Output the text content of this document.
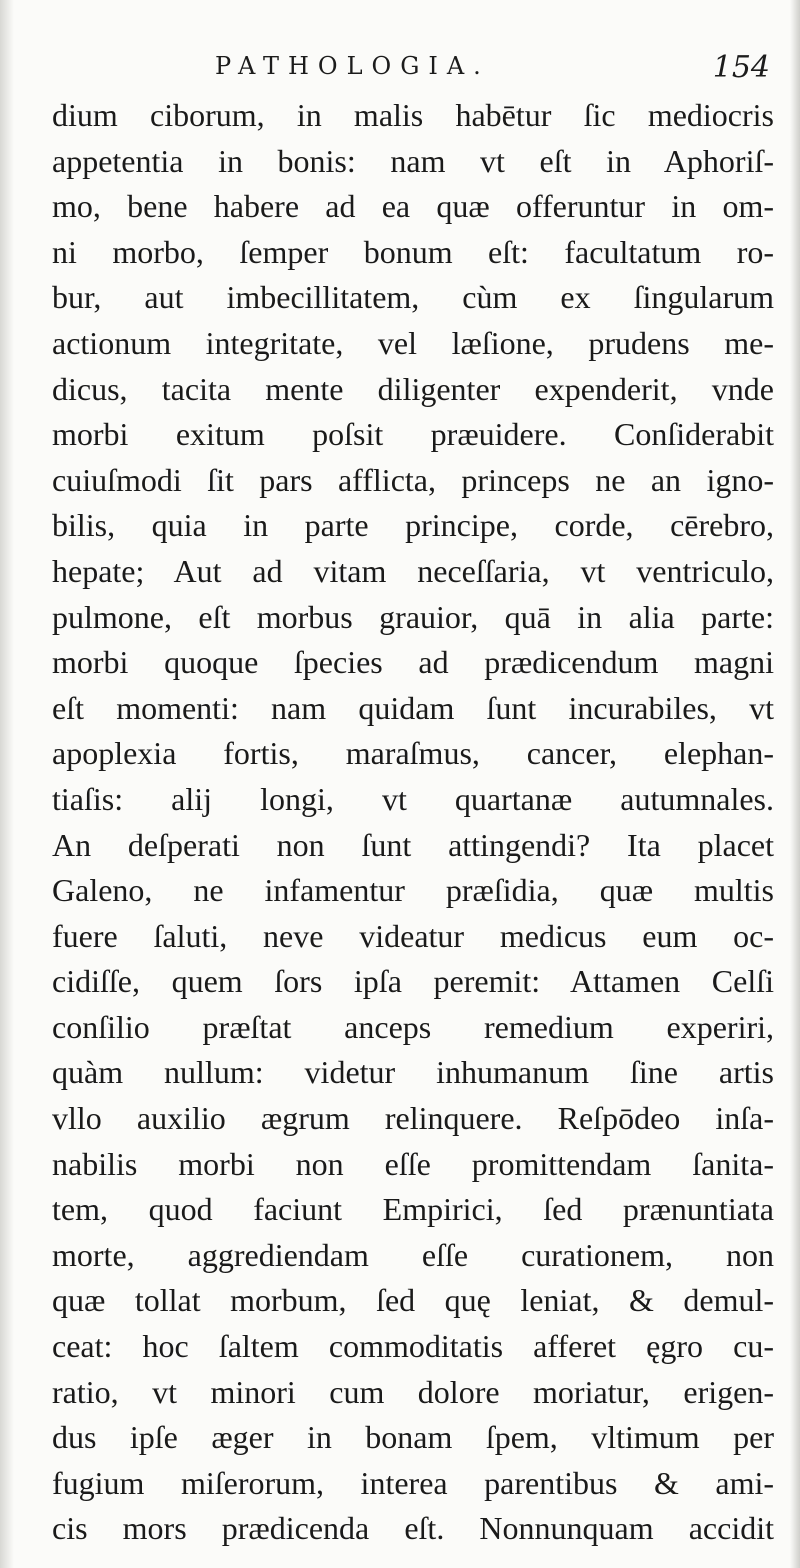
PATHOLOGIA.	154
dium ciborum, in malis habētur ſic mediocris
appetentia in bonis: nam vt eſt in Aphoriſ-
mo, bene habere ad ea quæ offeruntur in om-
ni morbo, ſemper bonum eſt: facultatum ro-
bur, aut imbecillitatem, cùm ex ſingularum
actionum integritate, vel læſione, prudens me-
dicus, tacita mente diligenter expenderit, vnde
morbi exitum poſsit præuidere. Conſiderabit
cuiuſmodi ſit pars afflicta, princeps ne an igno-
bilis, quia in parte principe, corde, cērebro,
hepate; Aut ad vitam neceſſaria, vt ventriculo,
pulmone, eſt morbus grauior, quā in alia parte:
morbi quoque ſpecies ad prædicendum magni
eſt momenti: nam quidam ſunt incurabiles, vt
apoplexia fortis, maraſmus, cancer, elephan-
tiaſis: alij longi, vt quartanæ autumnales.
An deſperati non ſunt attingendi? Ita placet
Galeno, ne infamentur præſidia, quæ multis
fuere ſaluti, neve videatur medicus eum oc-
cidiſſe, quem ſors ipſa peremit: Attamen Celſi
conſilio præſtat anceps remedium experiri,
quàm nullum: videtur inhumanum ſine artis
vllo auxilio ægrum relinquere. Reſpōdeo inſa-
nabilis morbi non eſſe promittendam ſanita-
tem, quod faciunt Empirici, ſed prænuntiata
morte, aggrediendam eſſe curationem, non
quæ tollat morbum, ſed quę leniat, & demul-
ceat: hoc ſaltem commoditatis afferet ęgro cu-
ratio, vt minori cum dolore moriatur, erigen-
dus ipſe æger in bonam ſpem, vltimum per
fugium miſerorum, interea parentibus & ami-
cis mors prædicenda eſt. Nonnunquam accidit
